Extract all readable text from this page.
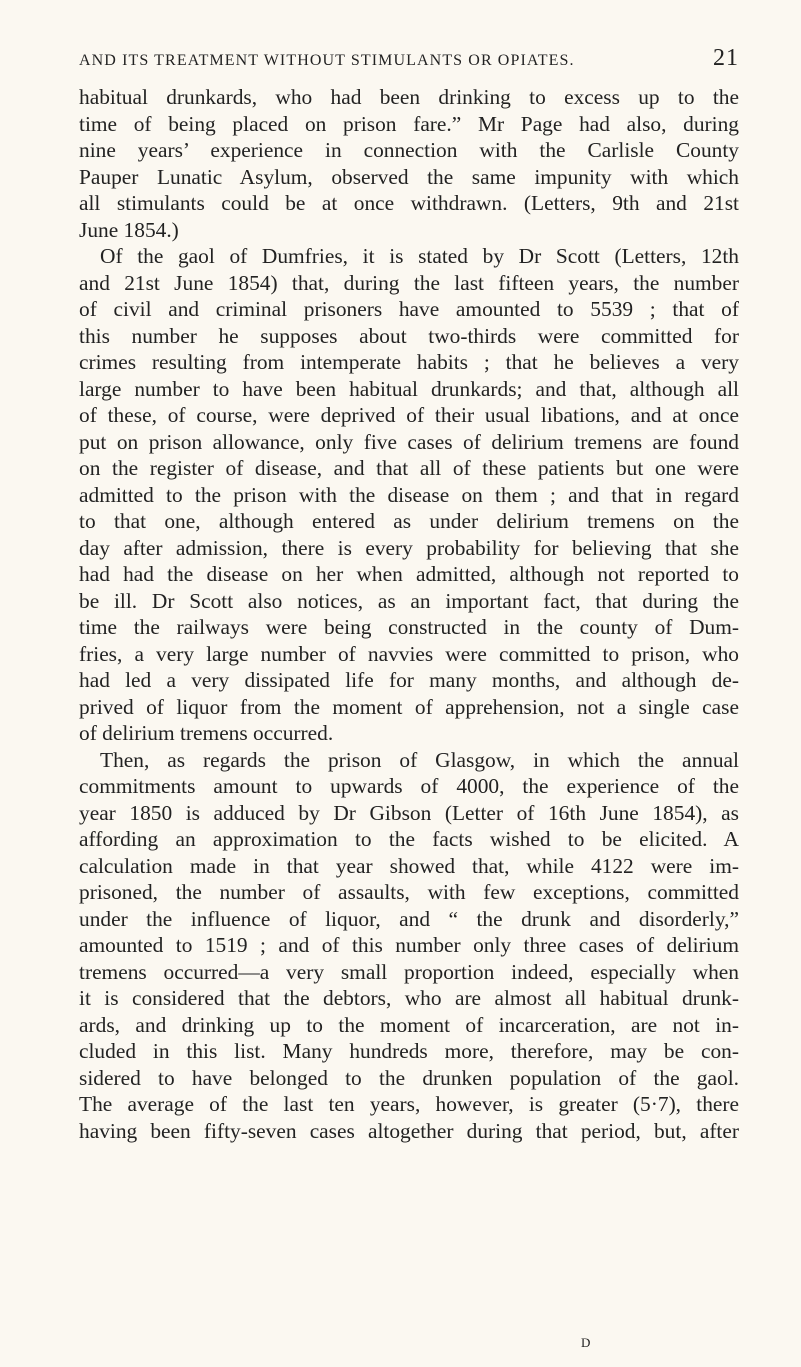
AND ITS TREATMENT WITHOUT STIMULANTS OR OPIATES.	21
habitual drunkards, who had been drinking to excess up to the
time of being placed on prison fare.” Mr Page had also, during
nine years’ experience in connection with the Carlisle County
Pauper Lunatic Asylum, observed the same impunity with which
all stimulants could be at once withdrawn. (Letters, 9th and 21st
June 1854.)
Of the gaol of Dumfries, it is stated by Dr Scott (Letters, 12th
and 21st June 1854) that, during the last fifteen years, the number
of civil and criminal prisoners have amounted to 5539 ; that of
this number he supposes about two-thirds were committed for
crimes resulting from intemperate habits ; that he believes a very
large number to have been habitual drunkards; and that, although all
of these, of course, were deprived of their usual libations, and at once
put on prison allowance, only five cases of delirium tremens are found
on the register of disease, and that all of these patients but one were
admitted to the prison with the disease on them ; and that in regard
to that one, although entered as under delirium tremens on the
day after admission, there is every probability for believing that she
had had the disease on her when admitted, although not reported to
be ill. Dr Scott also notices, as an important fact, that during the
time the railways were being constructed in the county of Dum-
fries, a very large number of navvies were committed to prison, who
had led a very dissipated life for many months, and although de-
prived of liquor from the moment of apprehension, not a single case
of delirium tremens occurred.
Then, as regards the prison of Glasgow, in which the annual
commitments amount to upwards of 4000, the experience of the
year 1850 is adduced by Dr Gibson (Letter of 16th June 1854), as
affording an approximation to the facts wished to be elicited. A
calculation made in that year showed that, while 4122 were im-
prisoned, the number of assaults, with few exceptions, committed
under the influence of liquor, and “ the drunk and disorderly,”
amounted to 1519 ; and of this number only three cases of delirium
tremens occurred—a very small proportion indeed, especially when
it is considered that the debtors, who are almost all habitual drunk-
ards, and drinking up to the moment of incarceration, are not in-
cluded in this list. Many hundreds more, therefore, may be con-
sidered to have belonged to the drunken population of the gaol.
The average of the last ten years, however, is greater (5·7), there
having been fifty-seven cases altogether during that period, but, after
D
